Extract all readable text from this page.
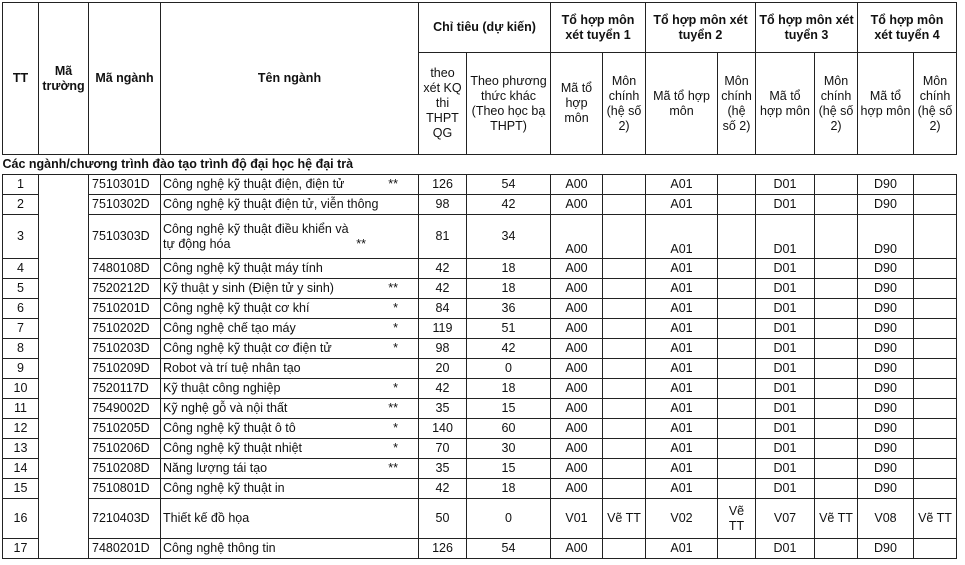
TT	Mã trường	Mã ngành	Tên ngành	Chỉ tiêu (dự kiến)		Tổ hợp môn xét tuyển 1		Tổ hợp môn xét tuyển 2		Tổ hợp môn xét tuyển 3		Tổ hợp môn xét tuyển 4	
				theo xét KQ thi THPT QG	Theo phương thức khác (Theo học bạ THPT)	Mã tổ hợp môn	Môn chính (hệ số 2)	Mã tổ hợp môn	Môn chính (hệ số 2)	Mã tổ hợp môn	Môn chính (hệ số 2)	Mã tổ hợp môn	Môn chính (hệ số 2)
Các ngành/chương trình đào tạo trình độ đại học hệ đại trà													
1		7510301D	Công nghệ kỹ thuật điện, điện tử **	126	54	A00		A01		D01		D90	
2		7510302D	Công nghệ kỹ thuật điện tử, viễn thông	98	42	A00		A01		D01		D90	
3		7510303D	Công nghệ kỹ thuật điều khiển và tự động hóa **	81	34	A00		A01		D01		D90	
4		7480108D	Công nghệ kỹ thuật máy tính	42	18	A00		A01		D01		D90	
5		7520212D	Kỹ thuật y sinh (Điện tử y sinh) **	42	18	A00		A01		D01		D90	
6		7510201D	Công nghệ kỹ thuật cơ khí *	84	36	A00		A01		D01		D90	
7		7510202D	Công nghệ chế tạo máy *	119	51	A00		A01		D01		D90	
8		7510203D	Công nghệ kỹ thuật cơ điện tử *	98	42	A00		A01		D01		D90	
9		7510209D	Robot và trí tuệ nhân tạo	20	0	A00		A01		D01		D90	
10		7520117D	Kỹ thuật công nghiệp *	42	18	A00		A01		D01		D90	
11		7549002D	Kỹ nghệ gỗ và nội thất **	35	15	A00		A01		D01		D90	
12		7510205D	Công nghệ kỹ thuật ô tô *	140	60	A00		A01		D01		D90	
13		7510206D	Công nghệ kỹ thuật nhiệt *	70	30	A00		A01		D01		D90	
14		7510208D	Năng lượng tái tạo **	35	15	A00		A01		D01		D90	
15		7510801D	Công nghệ kỹ thuật in	42	18	A00		A01		D01		D90	
16		7210403D	Thiết kế đồ họa	50	0	V01	Vẽ TT	V02	Vẽ TT	V07	Vẽ TT	V08	Vẽ TT
17		7480201D	Công nghệ thông tin	126	54	A00		A01		D01		D90	
